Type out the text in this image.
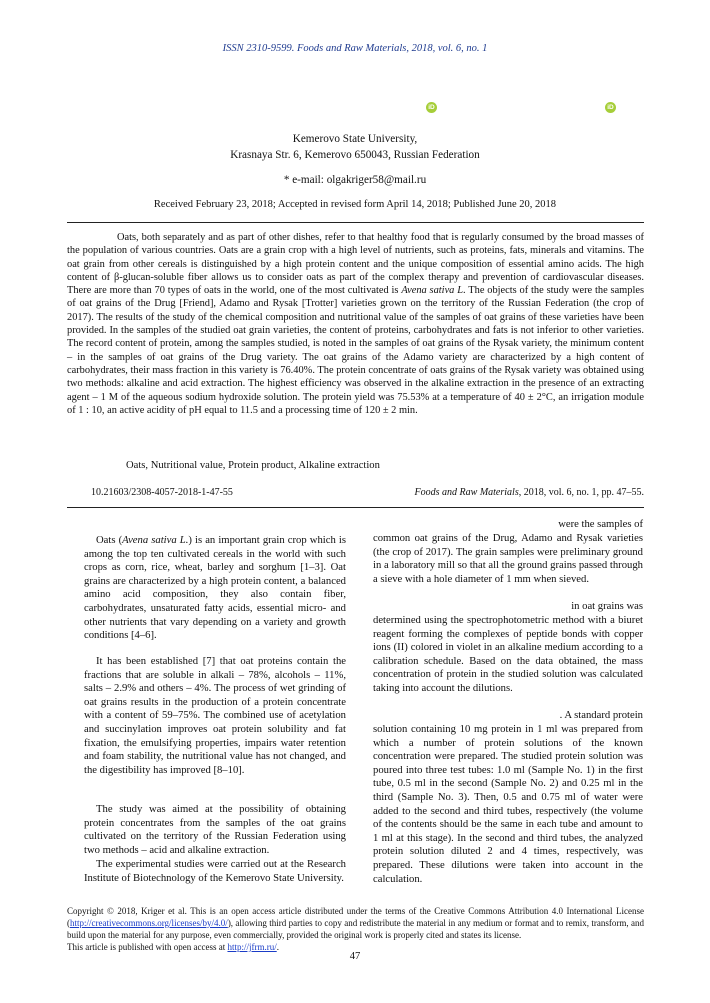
ISSN 2310-9599. Foods and Raw Materials, 2018, vol. 6, no. 1
iD	iD
Kemerovo State University,
Krasnaya Str. 6, Kemerovo 650043, Russian Federation
* e-mail: olgakriger58@mail.ru
Received February 23, 2018; Accepted in revised form April 14, 2018; Published June 20, 2018

Oats, both separately and as part of other dishes, refer to that healthy food that is regularly consumed by the broad masses of the population of various countries. Oats are a grain crop with a high level of nutrients, such as proteins, fats, minerals and vitamins. The oat grain from other cereals is distinguished by a high protein content and the unique composition of essential amino acids. The high content of β-glucan-soluble fiber allows us to consider oats as part of the complex therapy and prevention of cardiovascular diseases. There are more than 70 types of oats in the world, one of the most cultivated is Avena sativa L. The objects of the study were the samples of oat grains of the Drug [Friend], Adamo and Rysak [Trotter] varieties grown on the territory of the Russian Federation (the crop of 2017). The results of the study of the chemical composition and nutritional value of the samples of oat grains of these varieties have been provided. In the samples of the studied oat grain varieties, the content of proteins, carbohydrates and fats is not inferior to other varieties. The record content of protein, among the samples studied, is noted in the samples of oat grains of the Rysak variety, the minimum content – in the samples of oat grains of the Drug variety. The oat grains of the Adamo variety are characterized by a high content of carbohydrates, their mass fraction in this variety is 76.40%. The protein concentrate of oats grains of the Rysak variety was obtained using two methods: alkaline and acid extraction. The highest efficiency was observed in the alkaline extraction in the presence of an extracting agent – 1 M of the aqueous sodium hydroxide solution. The protein yield was 75.53% at a temperature of 40 ± 2°C, an irrigation module of 1 : 10, an active acidity of pH equal to 11.5 and a processing time of 120 ± 2 min.

Oats, Nutritional value, Protein product, Alkaline extraction
10.21603/2308-4057-2018-1-47-55	Foods and Raw Materials, 2018, vol. 6, no. 1, pp. 47–55.

Oats (Avena sativa L.) is an important grain crop which is among the top ten cultivated cereals in the world with such crops as corn, rice, wheat, barley and sorghum [1–3]. Oat grains are characterized by a high protein content, a balanced amino acid composition, they also contain fiber, carbohydrates, unsaturated fatty acids, essential micro- and other nutrients that vary depending on a variety and growth conditions [4–6].

It has been established [7] that oat proteins contain the fractions that are soluble in alkali – 78%, alcohols – 11%, salts – 2.9% and others – 4%. The process of wet grinding of oat grains results in the production of a protein concentrate with a content of 59–75%. The combined use of acetylation and succinylation improves oat protein solubility and fat fixation, the emulsifying properties, impairs water retention and foam stability, the nutritional value has not changed, and the digestibility has improved [8–10].

The study was aimed at the possibility of obtaining protein concentrates from the samples of the oat grains cultivated on the territory of the Russian Federation using two methods – acid and alkaline extraction.

The experimental studies were carried out at the Research Institute of Biotechnology of the Kemerovo State University.

were the samples of

common oat grains of the Drug, Adamo and Rysak varieties (the crop of 2017). The grain samples were preliminary ground in a laboratory mill so that all the ground grains passed through a sieve with a hole diameter of 1 mm when sieved.

in oat grains was

determined using the spectrophotometric method with a biuret reagent forming the complexes of peptide bonds with copper ions (II) colored in violet in an alkaline medium according to a calibration schedule. Based on the data obtained, the mass concentration of protein in the studied solution was calculated taking into account the dilutions.

. A standard protein

solution containing 10 mg protein in 1 ml was prepared from which a number of protein solutions of the known concentration were prepared. The studied protein solution was poured into three test tubes: 1.0 ml (Sample No. 1) in the first tube, 0.5 ml in the second (Sample No. 2) and 0.25 ml in the third (Sample No. 3). Then, 0.5 and 0.75 ml of water were added to the second and third tubes, respectively (the volume of the contents should be the same in each tube and amount to 1 ml at this stage). In the second and third tubes, the analyzed protein solution diluted 2 and 4 times, respectively, was prepared. These dilutions were taken into account in the calculation.

Copyright © 2018, Kriger et al. This is an open access article distributed under the terms of the Creative Commons Attribution 4.0 International License (http://creativecommons.org/licenses/by/4.0/), allowing third parties to copy and redistribute the material in any medium or format and to remix, transform, and build upon the material for any purpose, even commercially, provided the original work is properly cited and states its license.
This article is published with open access at http://jfrm.ru/.

47
